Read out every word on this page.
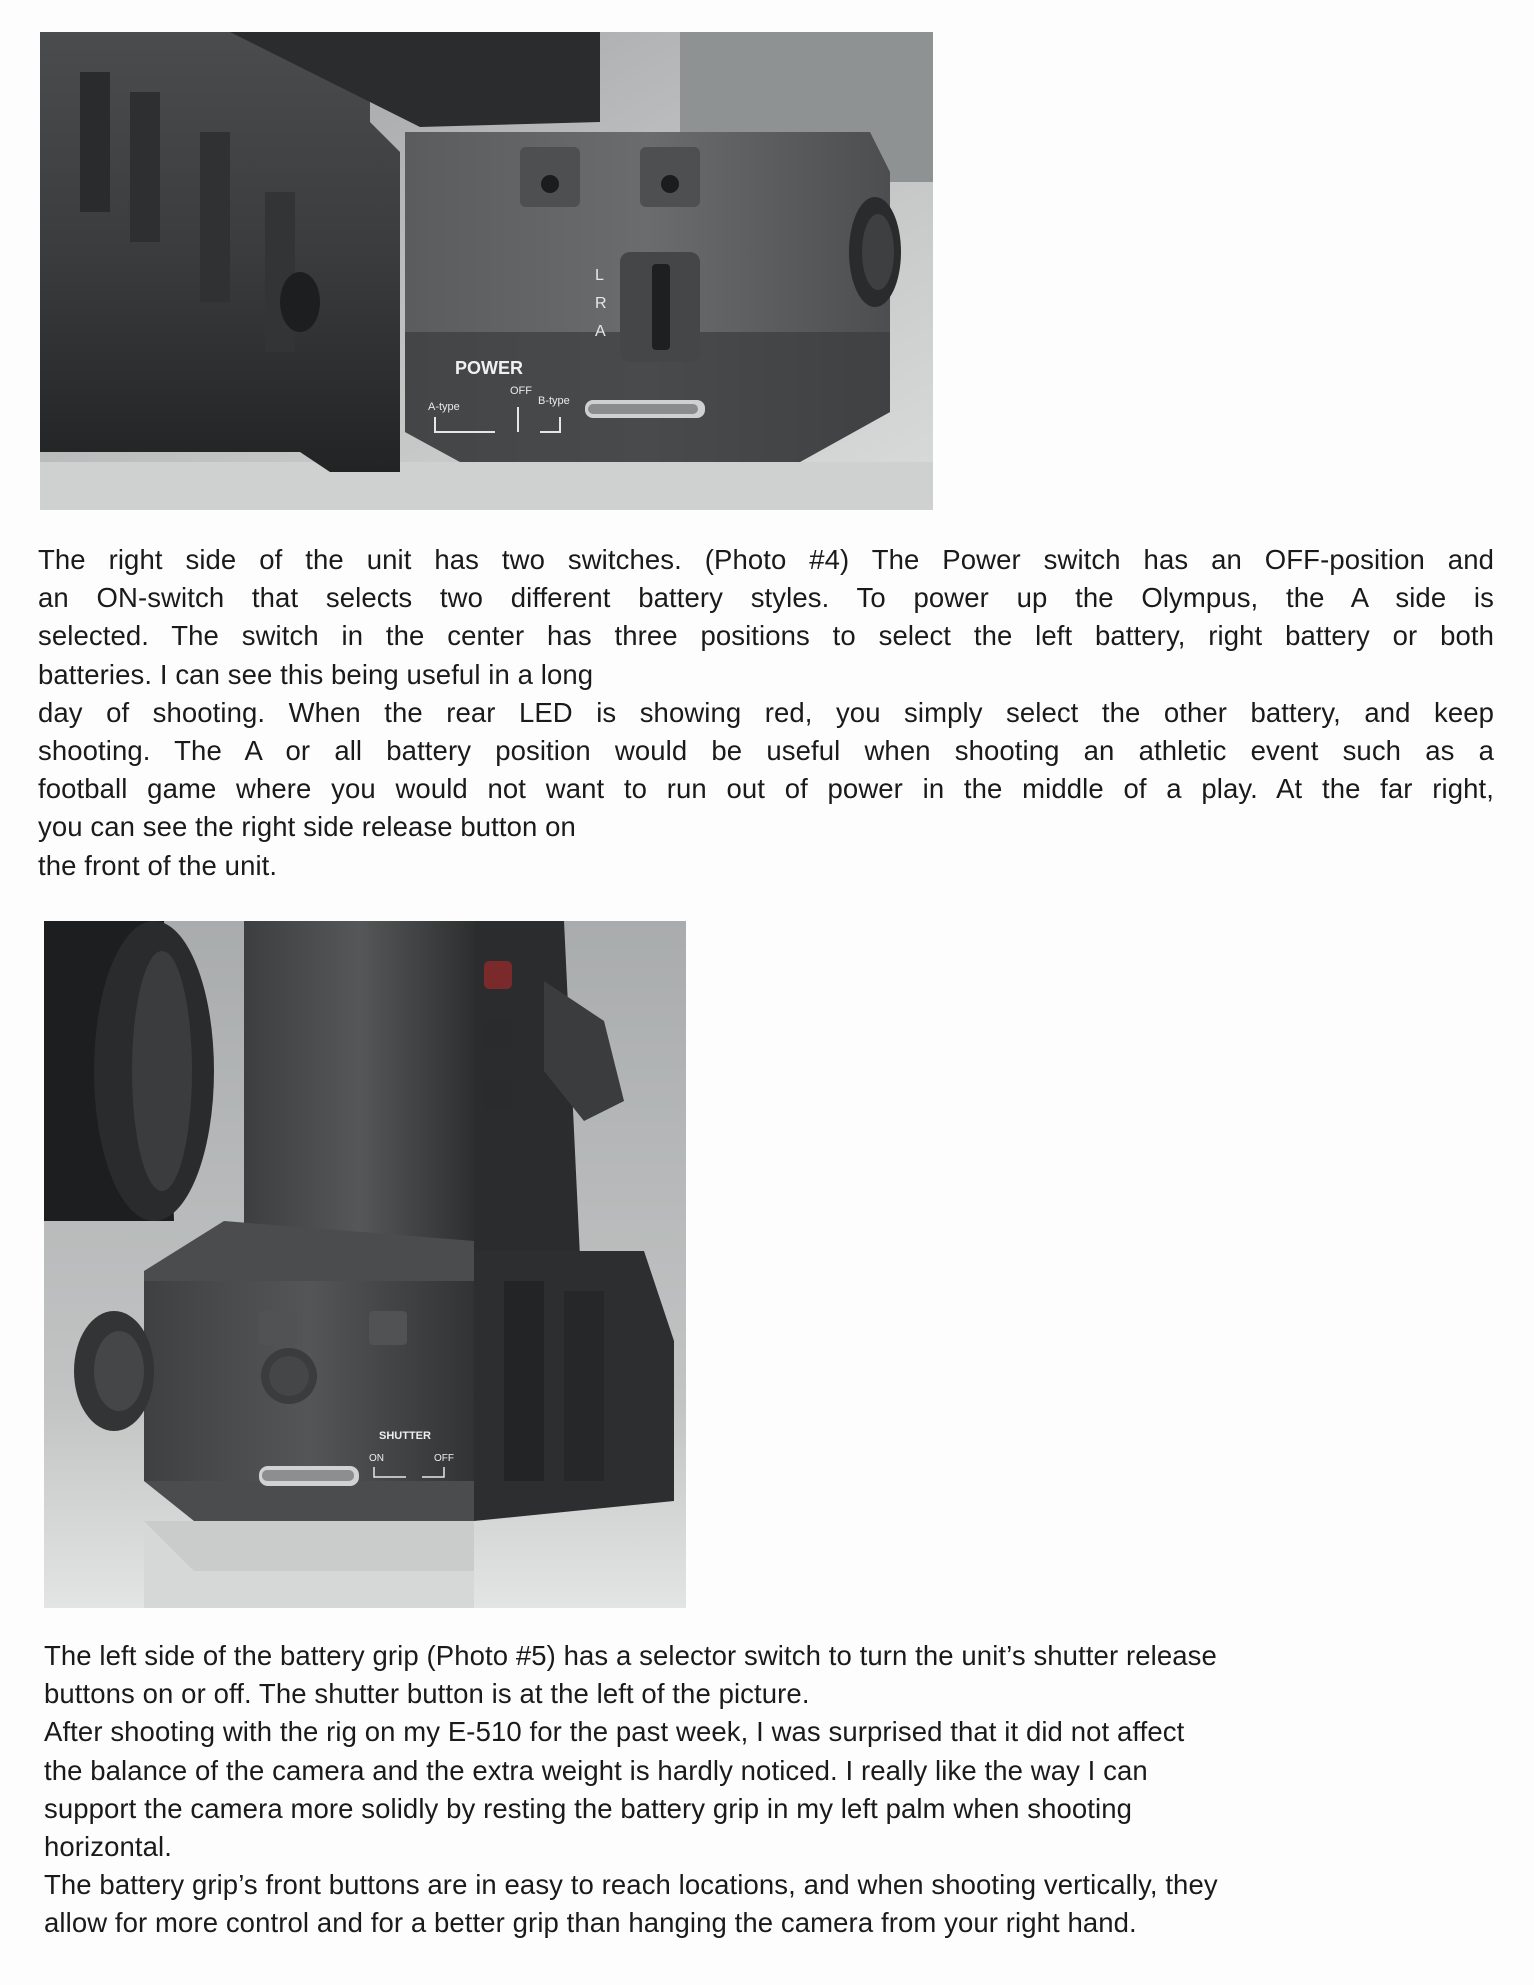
L
R
A
POWER
A-type
OFF
B-type

The right side of the unit has two switches. (Photo #4) The Power switch has an OFF-position and
an ON-switch that selects two different battery styles. To power up the Olympus, the A side is
selected. The switch in the center has three positions to select the left battery, right battery or both
batteries. I can see this being useful in a long
day of shooting. When the rear LED is showing red, you simply select the other battery, and keep
shooting. The A or all battery position would be useful when shooting an athletic event such as a
football game where you would not want to run out of power in the middle of a play. At the far right,
you can see the right side release button on
the front of the unit.

SHUTTER
ON	OFF

The left side of the battery grip (Photo #5) has a selector switch to turn the unit’s shutter release
buttons on or off. The shutter button is at the left of the picture.
After shooting with the rig on my E-510 for the past week, I was surprised that it did not affect
the balance of the camera and the extra weight is hardly noticed. I really like the way I can
support the camera more solidly by resting the battery grip in my left palm when shooting
horizontal.
The battery grip’s front buttons are in easy to reach locations, and when shooting vertically, they
allow for more control and for a better grip than hanging the camera from your right hand.
